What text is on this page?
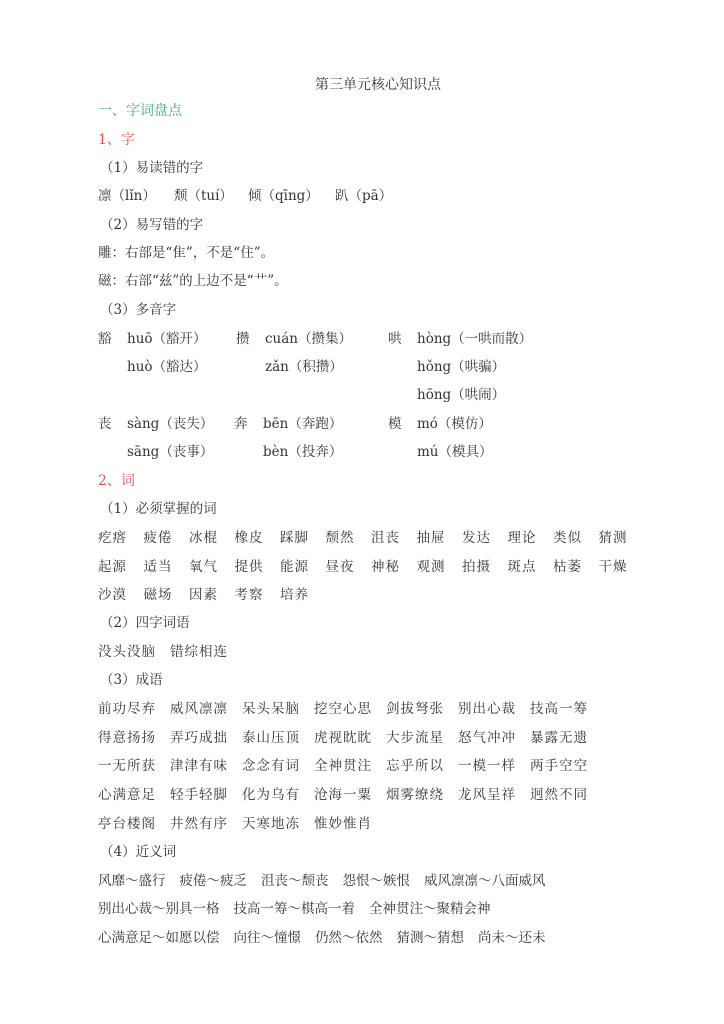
第三单元核心知识点
一、字词盘点
1、字
（1）易读错的字
凛（lǐn） 颓（tuí） 倾（qīng） 趴（pā）
（2）易写错的字
雕：右部是“隹”，不是“住”。
磁：右部“兹”的上边不是“艹”。
（3）多音字
豁 huō（豁开）
huò（豁达）
攒 cuán（攒集）
zǎn（积攒）
哄 hòng（一哄而散）
hǒng（哄骗）
hōng（哄闹）
丧 sàng（丧失）
sāng（丧事）
奔 bēn（奔跑）
bèn（投奔）
模 mó（模仿）
mú（模具）
2、词
（1）必须掌握的词
疙瘩 疲倦 冰棍 橡皮 踩脚 颓然 沮丧 抽屉 发达 理论 类似 猜测
起源 适当 氧气 提供 能源 昼夜 神秘 观测 拍摄 斑点 枯萎 干燥
沙漠 磁场 因素 考察 培养
（2）四字词语
没头没脑 错综相连
（3）成语
前功尽弃 威风凛凛 呆头呆脑 挖空心思 剑拔弩张 别出心裁 技高一筹
得意扬扬 弄巧成拙 泰山压顶 虎视眈眈 大步流星 怒气冲冲 暴露无遗
一无所获 津津有味 念念有词 全神贯注 忘乎所以 一模一样 两手空空
心满意足 轻手轻脚 化为乌有 沧海一粟 烟雾缭绕 龙风呈祥 迥然不同
亭台楼阁 井然有序 天寒地冻 惟妙惟肖
（4）近义词
风靡～盛行 疲倦～疲乏 沮丧～颓丧 怨恨～嫉恨 威风凛凛～八面威风
别出心裁～别具一格 技高一筹～棋高一着 全神贯注～聚精会神
心满意足～如愿以偿 向往～憧憬 仍然～依然 猜测～猜想 尚未～还未
